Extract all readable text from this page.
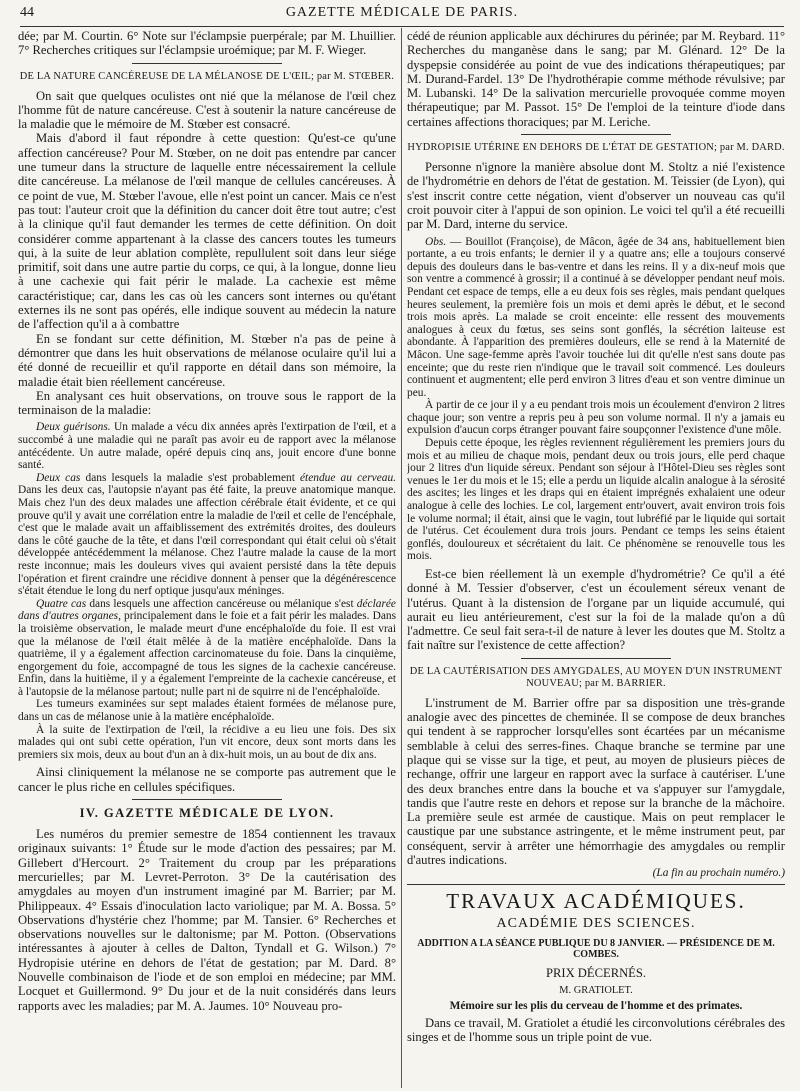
44	GAZETTE MÉDICALE DE PARIS.

dée; par M. Courtin. 6° Note sur l'éclampsie puerpérale; par M. Lhuillier. 7° Recherches critiques sur l'éclampsie uroémique; par M. F. Wieger.

DE LA NATURE CANCÉREUSE DE LA MÉLANOSE DE L'ŒIL; par M. STŒBER.

On sait que quelques oculistes ont nié que la mélanose de l'œil chez l'homme fût de nature cancéreuse. C'est à soutenir la nature cancéreuse de la maladie que le mémoire de M. Stœber est consacré.

Mais d'abord il faut répondre à cette question: Qu'est-ce qu'une affection cancéreuse? Pour M. Stœber, on ne doit pas entendre par cancer une tumeur dans la structure de laquelle entre nécessairement la cellule dite cancéreuse. La mélanose de l'œil manque de cellules cancéreuses. À ce point de vue, M. Stœber l'avoue, elle n'est point un cancer. Mais ce n'est pas tout: l'auteur croit que la définition du cancer doit être tout autre; c'est à la clinique qu'il faut demander les termes de cette définition. On doit considérer comme appartenant à la classe des cancers toutes les tumeurs qui, à la suite de leur ablation complète, repullulent soit dans leur siége primitif, soit dans une autre partie du corps, ce qui, à la longue, donne lieu à une cachexie qui fait périr le malade. La cachexie est même caractéristique; car, dans les cas où les cancers sont internes ou qu'étant externes ils ne sont pas opérés, elle indique souvent au médecin la nature de l'affection qu'il a à combattre

En se fondant sur cette définition, M. Stœber n'a pas de peine à démontrer que dans les huit observations de mélanose oculaire qu'il lui a été donné de recueillir et qu'il rapporte en détail dans son mémoire, la maladie était bien réellement cancéreuse.

En analysant ces huit observations, on trouve sous le rapport de la terminaison de la maladie:

Deux guérisons. Un malade a vécu dix années après l'extirpation de l'œil, et a succombé à une maladie qui ne paraît pas avoir eu de rapport avec la mélanose antécédente. Un autre malade, opéré depuis cinq ans, jouit encore d'une bonne santé.

Deux cas dans lesquels la maladie s'est probablement étendue au cerveau. Dans les deux cas, l'autopsie n'ayant pas été faite, la preuve anatomique manque. Mais chez l'un des deux malades une affection cérébrale était évidente, et ce qui prouve qu'il y avait une corrélation entre la maladie de l'œil et celle de l'encéphale, c'est que le malade avait un affaiblissement des extrémités droites, des douleurs dans le côté gauche de la tête, et dans l'œil correspondant qui était celui où s'était développée antécédemment la mélanose. Chez l'autre malade la cause de la mort reste inconnue; mais les douleurs vives qui avaient persisté dans la tête depuis l'opération et firent craindre une récidive donnent à penser que la dégénérescence s'était étendue le long du nerf optique jusqu'aux méninges.

Quatre cas dans lesquels une affection cancéreuse ou mélanique s'est déclarée dans d'autres organes, principalement dans le foie et a fait périr les malades. Dans la troisième observation, le malade meurt d'une encéphaloïde du foie. Il est vrai que la mélanose de l'œil était mêlée à de la matière encéphaloïde. Dans la quatrième, il y a également affection carcinomateuse du foie. Dans la cinquième, engorgement du foie, accompagné de tous les signes de la cachexie cancéreuse. Enfin, dans la huitième, il y a également l'empreinte de la cachexie cancéreuse, et à l'autopsie de la mélanose partout; nulle part ni de squirre ni de l'encéphaloïde.

Les tumeurs examinées sur sept malades étaient formées de mélanose pure, dans un cas de mélanose unie à la matière encéphaloïde.

À la suite de l'extirpation de l'œil, la récidive a eu lieu une fois. Des six malades qui ont subi cette opération, l'un vit encore, deux sont morts dans les premiers six mois, deux au bout d'un an à dix-huit mois, un au bout de dix ans.

Ainsi cliniquement la mélanose ne se comporte pas autrement que le cancer le plus riche en cellules spécifiques.

IV. GAZETTE MÉDICALE DE LYON.

Les numéros du premier semestre de 1854 contiennent les travaux originaux suivants: 1° Étude sur le mode d'action des pessaires; par M. Gillebert d'Hercourt. 2° Traitement du croup par les préparations mercurielles; par M. Levret-Perroton. 3° De la cautérisation des amygdales au moyen d'un instrument imaginé par M. Barrier; par M. Philippeaux. 4° Essais d'inoculation lacto variolique; par M. A. Bossa. 5° Observations d'hystérie chez l'homme; par M. Tansier. 6° Recherches et observations nouvelles sur le daltonisme; par M. Potton. (Observations intéressantes à ajouter à celles de Dalton, Tyndall et G. Wilson.) 7° Hydropisie utérine en dehors de l'état de gestation; par M. Dard. 8° Nouvelle combinaison de l'iode et de son emploi en médecine; par MM. Locquet et Guillermond. 9° Du jour et de la nuit considérés dans leurs rapports avec les maladies; par M. A. Jaumes. 10° Nouveau pro-

cédé de réunion applicable aux déchirures du périnée; par M. Reybard. 11° Recherches du manganèse dans le sang; par M. Glénard. 12° De la dyspepsie considérée au point de vue des indications thérapeutiques; par M. Durand-Fardel. 13° De l'hydrothérapie comme méthode révulsive; par M. Lubanski. 14° De la salivation mercurielle provoquée comme moyen thérapeutique; par M. Passot. 15° De l'emploi de la teinture d'iode dans certaines affections thoraciques; par M. Leriche.

HYDROPISIE UTÉRINE EN DEHORS DE L'ÉTAT DE GESTATION; par M. DARD.

Personne n'ignore la manière absolue dont M. Stoltz a nié l'existence de l'hydrométrie en dehors de l'état de gestation. M. Teissier (de Lyon), qui s'est inscrit contre cette négation, vient d'observer un nouveau cas qu'il croit pouvoir citer à l'appui de son opinion. Le voici tel qu'il a été recueilli par M. Dard, interne du service.

Obs. — Bouillot (Françoise), de Mâcon, âgée de 34 ans, habituellement bien portante, a eu trois enfants; le dernier il y a quatre ans; elle a toujours conservé depuis des douleurs dans le bas-ventre et dans les reins. Il y a dix-neuf mois que son ventre a commencé à grossir; il a continué à se développer pendant neuf mois. Pendant cet espace de temps, elle a eu deux fois ses règles, mais pendant quelques heures seulement, la première fois un mois et demi après le début, et le second trois mois après. La malade se croit enceinte: elle ressent des mouvements analogues à ceux du fœtus, ses seins sont gonflés, la sécrétion laiteuse est abondante. À l'apparition des premières douleurs, elle se rend à la Maternité de Mâcon. Une sage-femme après l'avoir touchée lui dit qu'elle n'est sans doute pas enceinte; que du reste rien n'indique que le travail soit commencé. Les douleurs continuent et augmentent; elle perd environ 3 litres d'eau et son ventre diminue un peu.

À partir de ce jour il y a eu pendant trois mois un écoulement d'environ 2 litres chaque jour; son ventre a repris peu à peu son volume normal. Il n'y a jamais eu expulsion d'aucun corps étranger pouvant faire soupçonner l'existence d'une môle.

Depuis cette époque, les règles reviennent régulièrement les premiers jours du mois et au milieu de chaque mois, pendant deux ou trois jours, elle perd chaque jour 2 litres d'un liquide séreux. Pendant son séjour à l'Hôtel-Dieu ses règles sont venues le 1er du mois et le 15; elle a perdu un liquide alcalin analogue à la sérosité des ascites; les linges et les draps qui en étaient imprégnés exhalaient une odeur analogue à celle des lochies. Le col, largement entr'ouvert, avait environ trois fois le volume normal; il était, ainsi que le vagin, tout lubréfié par le liquide qui sortait de l'utérus. Cet écoulement dura trois jours. Pendant ce temps les seins étaient gonflés, douloureux et sécrétaient du lait. Ce phénomène se renouvelle tous les mois.

Est-ce bien réellement là un exemple d'hydrométrie? Ce qu'il a été donné à M. Tessier d'observer, c'est un écoulement séreux venant de l'utérus. Quant à la distension de l'organe par un liquide accumulé, qui aurait eu lieu antérieurement, c'est sur la foi de la malade qu'on a dû l'admettre. Ce seul fait sera-t-il de nature à lever les doutes que M. Stoltz a fait naître sur l'existence de cette affection?

DE LA CAUTÉRISATION DES AMYGDALES, AU MOYEN D'UN INSTRUMENT NOUVEAU; par M. BARRIER.

L'instrument de M. Barrier offre par sa disposition une très-grande analogie avec des pincettes de cheminée. Il se compose de deux branches qui tendent à se rapprocher lorsqu'elles sont écartées par un mécanisme semblable à celui des serres-fines. Chaque branche se termine par une plaque qui se visse sur la tige, et peut, au moyen de plusieurs pièces de rechange, offrir une largeur en rapport avec la surface à cautériser. L'une des deux branches entre dans la bouche et va s'appuyer sur l'amygdale, tandis que l'autre reste en dehors et repose sur la branche de la mâchoire. La première seule est armée de caustique. Mais on peut remplacer le caustique par une substance astringente, et le même instrument peut, par conséquent, servir à arrêter une hémorrhagie des amygdales ou remplir d'autres indications.

(La fin au prochain numéro.)

TRAVAUX ACADÉMIQUES.
ACADÉMIE DES SCIENCES.
ADDITION A LA SÉANCE PUBLIQUE DU 8 JANVIER. — PRÉSIDENCE DE M. COMBES.
PRIX DÉCERNÉS.
M. GRATIOLET.
Mémoire sur les plis du cerveau de l'homme et des primates.

Dans ce travail, M. Gratiolet a étudié les circonvolutions cérébrales des singes et de l'homme sous un triple point de vue.
